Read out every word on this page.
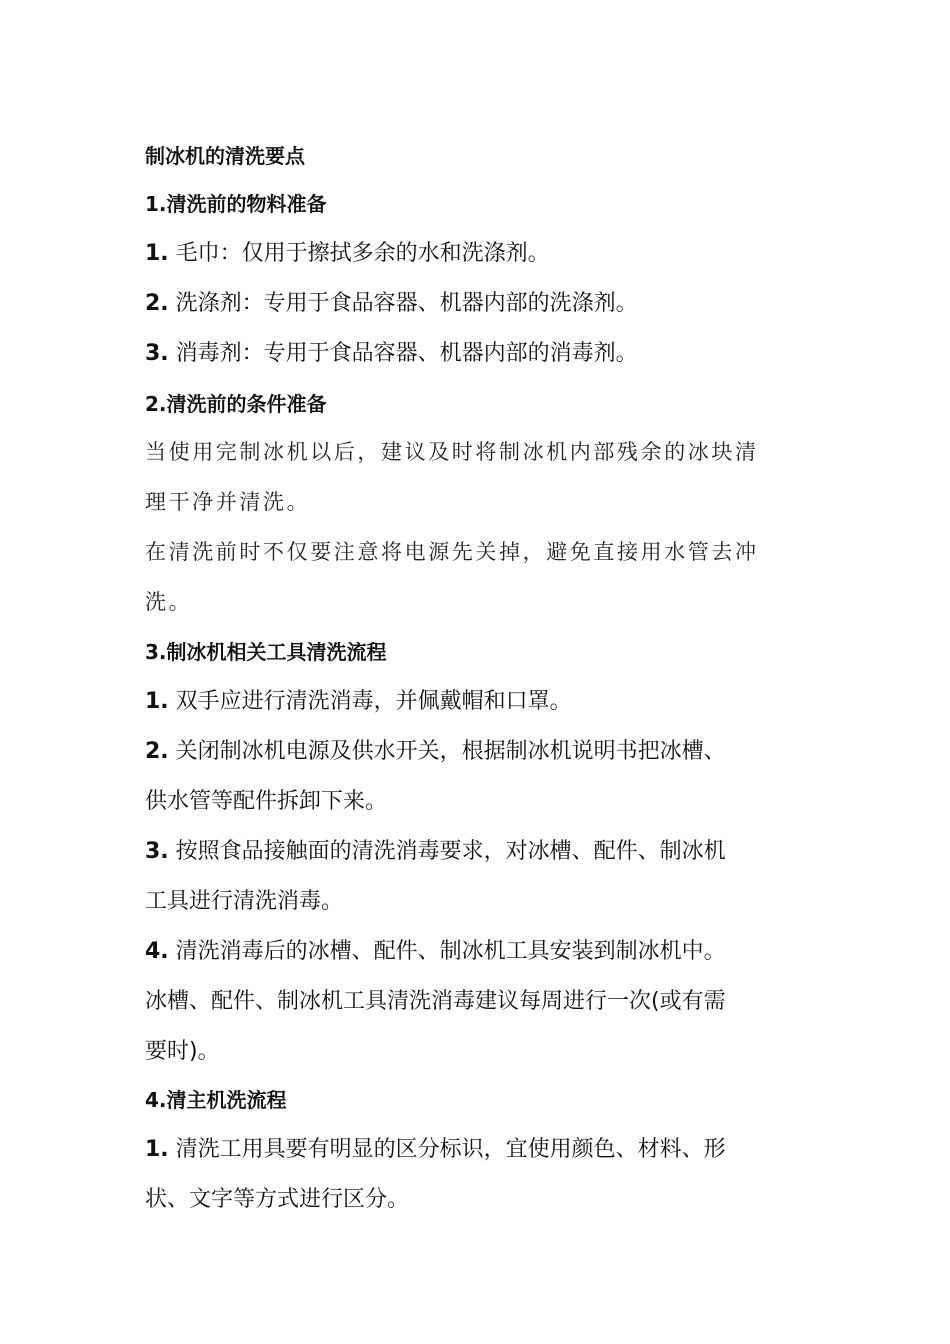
制冰机的清洗要点
1.清洗前的物料准备
1. 毛巾：仅用于擦拭多余的水和洗涤剂。
2. 洗涤剂：专用于食品容器、机器内部的洗涤剂。
3. 消毒剂：专用于食品容器、机器内部的消毒剂。
2.清洗前的条件准备
当使用完制冰机以后，建议及时将制冰机内部残余的冰块清
理干净并清洗。
在清洗前时不仅要注意将电源先关掉，避免直接用水管去冲
洗。
3.制冰机相关工具清洗流程
1. 双手应进行清洗消毒，并佩戴帽和口罩。
2. 关闭制冰机电源及供水开关，根据制冰机说明书把冰槽、
供水管等配件拆卸下来。
3. 按照食品接触面的清洗消毒要求，对冰槽、配件、制冰机
工具进行清洗消毒。
4. 清洗消毒后的冰槽、配件、制冰机工具安装到制冰机中。
冰槽、配件、制冰机工具清洗消毒建议每周进行一次(或有需
要时)。
4.清主机洗流程
1. 清洗工用具要有明显的区分标识，宜使用颜色、材料、形
状、文字等方式进行区分。
